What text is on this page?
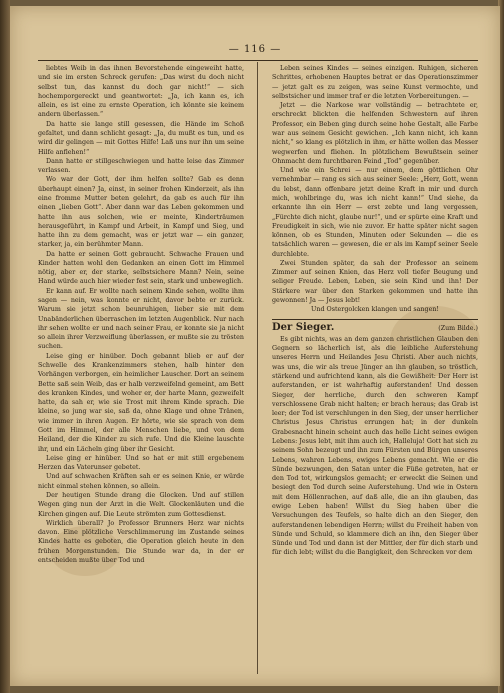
— 116 —

liebtes Weib in das ihnen Bevorstehende eingeweiht hatte, und sie im ersten Schreck gerufen: „Das wirst du doch nicht selbst tun, das kannst du doch gar nicht!“ — sich hochemporgereckt und geantwortet: „Ja, ich kann es, ich allein, es ist eine zu ernste Operation, ich könnte sie keinem andern überlassen.“

Da hatte sie lange still gesessen, die Hände im Schoß gefaltet, und dann schlicht gesagt: „Ja, du mußt es tun, und es wird dir gelingen — mit Gottes Hilfe! Laß uns nur ihn um seine Hilfe anflehen!“

Dann hatte er stillgeschwiegen und hatte leise das Zimmer verlassen.

Wo war der Gott, der ihm helfen sollte? Gab es denn überhaupt einen? Ja, einst, in seiner frohen Kinderzeit, als ihn eine fromme Mutter beten gelehrt, da gab es auch für ihn einen „lieben Gott“. Aber dann war das Leben gekommen und hatte ihn aus solchen, wie er meinte, Kinderträumen herausgeführt, in Kampf und Arbeit, in Kampf und Sieg, und hatte ihn zu dem gemacht, was er jetzt war — ein ganzer, starker, ja, ein berühmter Mann.

Da hatte er seinen Gott gebraucht. Schwache Frauen und Kinder hatten wohl den Gedanken an einen Gott im Himmel nötig, aber er, der starke, selbstsichere Mann? Nein, seine Hand würde auch hier wieder fest sein, stark und unbeweglich.

Er kann auf. Er wollte nach seinem Kinde sehen, wollte ihm sagen — nein, was konnte er nicht, davor bebte er zurück. Warum sie jetzt schon beunruhigen, lieber sie mit dem Unabänderlichen überraschen im letzten Augenblick. Nur nach ihr sehen wollte er und nach seiner Frau, er konnte sie ja nicht so allein ihrer Verzweiflung überlassen, er mußte sie zu trösten suchen.

Leise ging er hinüber. Doch gebannt blieb er auf der Schwelle des Krankenzimmers stehen, halb hinter den Vorhängen verborgen, ein heimlicher Lauscher. Dort an seinem Bette saß sein Weib, das er halb verzweifelnd gemeint, am Bett des kranken Kindes, und woher er, der harte Mann, gezweifelt hatte, da sah er, wie sie Trost mit ihrem Kinde sprach. Die kleine, so jung war sie, saß da, ohne Klage und ohne Tränen, wie immer in ihren Augen. Er hörte, wie sie sprach von dem Gott im Himmel, der alle Menschen liebe, und von dem Heiland, der die Kinder zu sich rufe. Und die Kleine lauschte ihr, und ein Lächeln ging über ihr Gesicht.

Leise ging er hinüber. Und so hat er mit still ergebenem Herzen das Vaterunser gebetet.

Und auf schwachen Kräften sah er es seinen Knie, er würde nicht einmal stehen können, so allein.

Der heutigen Stunde drang die Glocken. Und auf stillen Wegen ging nun der Arzt in die Welt. Glockenläuten und die Kirchen gingen auf. Die Leute strömten zum Gottesdienst.

Wirklich überall? Jo Professor Brunners Herz war nichts davon. Eine plötzliche Verschlimmerung im Zustande seines Kindes hatte es geboten, die Operation gleich heute in den frühen Morgenstunden. Die Stunde war da, in der er entscheiden mußte über Tod und

Leben seines Kindes — seines einzigen. Ruhigen, sicheren Schrittes, erhobenen Hauptes betrat er das Operationszimmer — jetzt galt es zu zeigen, was seine Kunst vermochte, und selbstsicher und immer traf er die letzten Vorbereitungen. —

Jetzt — die Narkose war vollständig — betrachtete er, erschreckt blickten die helfenden Schwestern auf ihren Professor, ein Beben ging durch seine hohe Gestalt, alle Farbe war aus seinem Gesicht gewichen. „Ich kann nicht, ich kann nicht,“ so klang es plötzlich in ihm, er hätte wollen das Messer wegwerfen und fliehen. In plötzlichem Bewußtsein seiner Ohnmacht dem furchtbaren Feind „Tod“ gegenüber.

Und wie ein Schrei — nur einem, dem göttlichen Ohr vernehmbar — rang es sich aus seiner Seele: „Herr, Gott, wenn du lebst, dann offenbare jetzt deine Kraft in mir und durch mich, wohlbringe du, was ich nicht kann!“ Und siehe, da erkannte ihn ein Herr — erst zebte und lang vergessen, „Fürchte dich nicht, glaube nur!“, und er spürte eine Kraft und Freudigkeit in sich, wie nie zuvor. Er hatte später nicht sagen können, ob es Stunden, Minuten oder Sekunden — die es tatsächlich waren — gewesen, die er als im Kampf seiner Seele durchlebte.

Zwei Stunden später, da sah der Professor an seinem Zimmer auf seinen Knien, das Herz voll tiefer Beugung und seliger Freude. Leben, Leben, sie sein Kind und ihn! Der Stärkere war über den Starken gekommen und hatte ihn gewonnen! Ja — Jesus lebt!

Und Ostergolcken klangen und sangen!

Der Sieger.	(Zum Bilde.)

Es gibt nichts, was an dem ganzen christlichen Glauben den Gegnern so lächerlich ist, als die leibliche Auferstehung unseres Herrn und Heilandes Jesu Christi. Aber auch nichts, was uns, die wir als treue Jünger an ihn glauben, so tröstlich, stärkend und aufrichtend kann, als die Gewißheit: Der Herr ist auferstanden, er ist wahrhaftig auferstanden! Und dessen Sieger, der herrliche, durch den schweren Kampf verschlossene Grab nicht halten; er brach heraus; das Grab ist leer; der Tod ist verschlungen in den Sieg, der unser herrlicher Christus Jesus Christus errungen hat; in der dunkeln Grabesnacht hinein scheint auch das helle Licht seines ewigen Lebens: Jesus lebt, mit ihm auch ich, Halleluja! Gott hat sich zu seinem Sohn bezeugt und ihn zum Fürsten und Bürgen unseres Lebens, wahren Lebens, ewiges Lebens gemacht. Wie er die Sünde bezwungen, den Satan unter die Füße getreten, hat er den Tod tot, wirkungslos gemacht; er erweckt die Seinen und besiegt den Tod durch seine Auferstehung. Und wie in Ostern mit dem Höllenrachen, auf daß alle, die an ihn glauben, das ewige Leben haben! Willst du Sieg haben über die Versuchungen des Teufels, so halte dich an den Sieger, den auferstandenen lebendigen Herrn; willst du Freiheit haben von Sünde und Schuld, so klammere dich an ihn, den Sieger über Sünde und Tod und dann ist der Mittler, der für dich starb und für dich lebt; willst du die Bangigkeit, den Schrecken vor dem
